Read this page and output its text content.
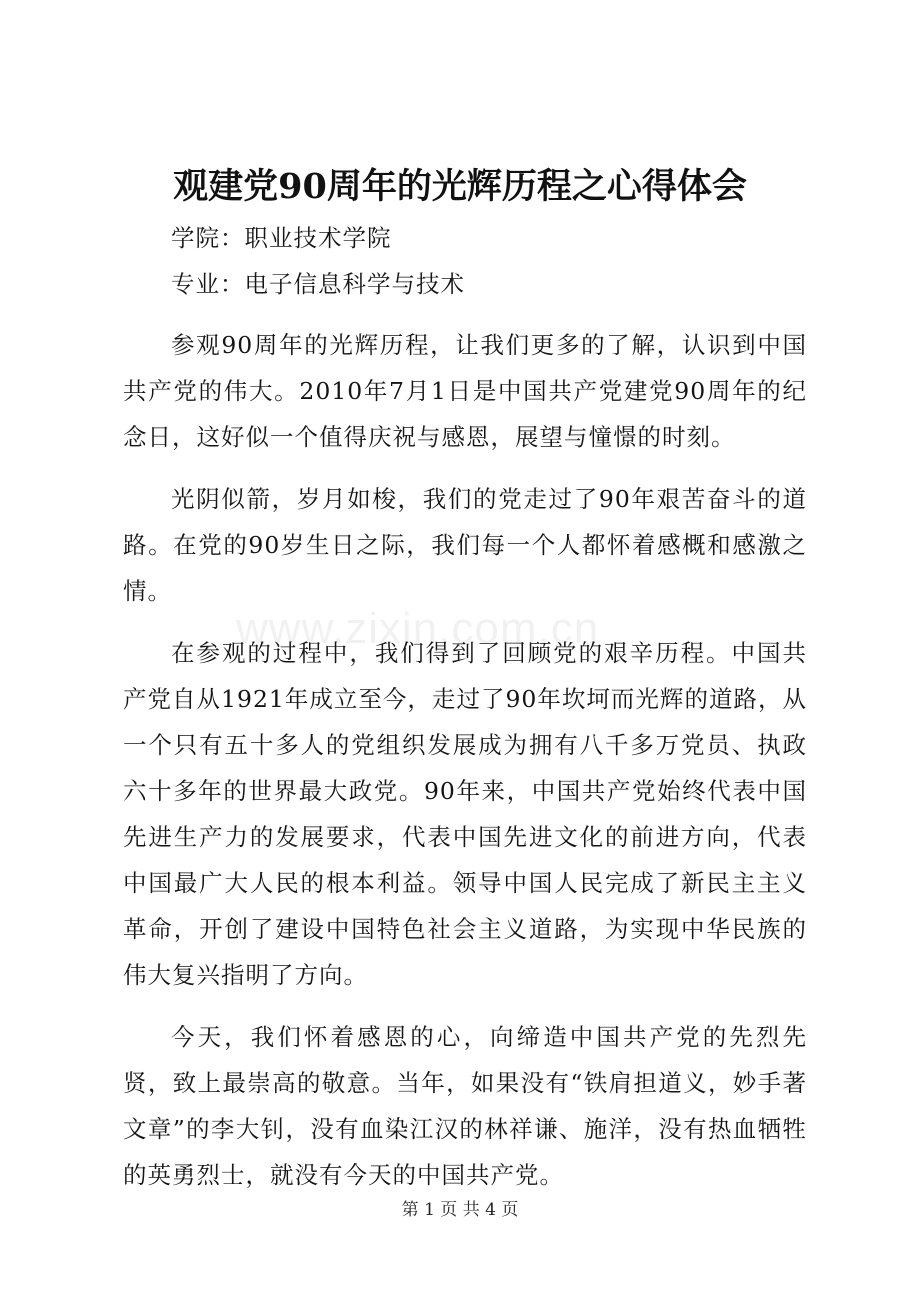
www.zixin.com.cn
观建党90周年的光辉历程之心得体会

学院：职业技术学院

专业：电子信息科学与技术

参观90周年的光辉历程，让我们更多的了解，认识到中国共产党的伟大。2010年7月1日是中国共产党建党90周年的纪念日，这好似一个值得庆祝与感恩，展望与憧憬的时刻。

光阴似箭，岁月如梭，我们的党走过了90年艰苦奋斗的道路。在党的90岁生日之际，我们每一个人都怀着感概和感激之情。

在参观的过程中，我们得到了回顾党的艰辛历程。中国共产党自从1921年成立至今，走过了90年坎坷而光辉的道路，从一个只有五十多人的党组织发展成为拥有八千多万党员、执政六十多年的世界最大政党。90年来，中国共产党始终代表中国先进生产力的发展要求，代表中国先进文化的前进方向，代表中国最广大人民的根本利益。领导中国人民完成了新民主主义革命，开创了建设中国特色社会主义道路，为实现中华民族的伟大复兴指明了方向。

今天，我们怀着感恩的心，向缔造中国共产党的先烈先贤，致上最崇高的敬意。当年，如果没有“铁肩担道义，妙手著文章”的李大钊，没有血染江汉的林祥谦、施洋，没有热血牺牲的英勇烈士，就没有今天的中国共产党。

第 1 页 共 4 页
